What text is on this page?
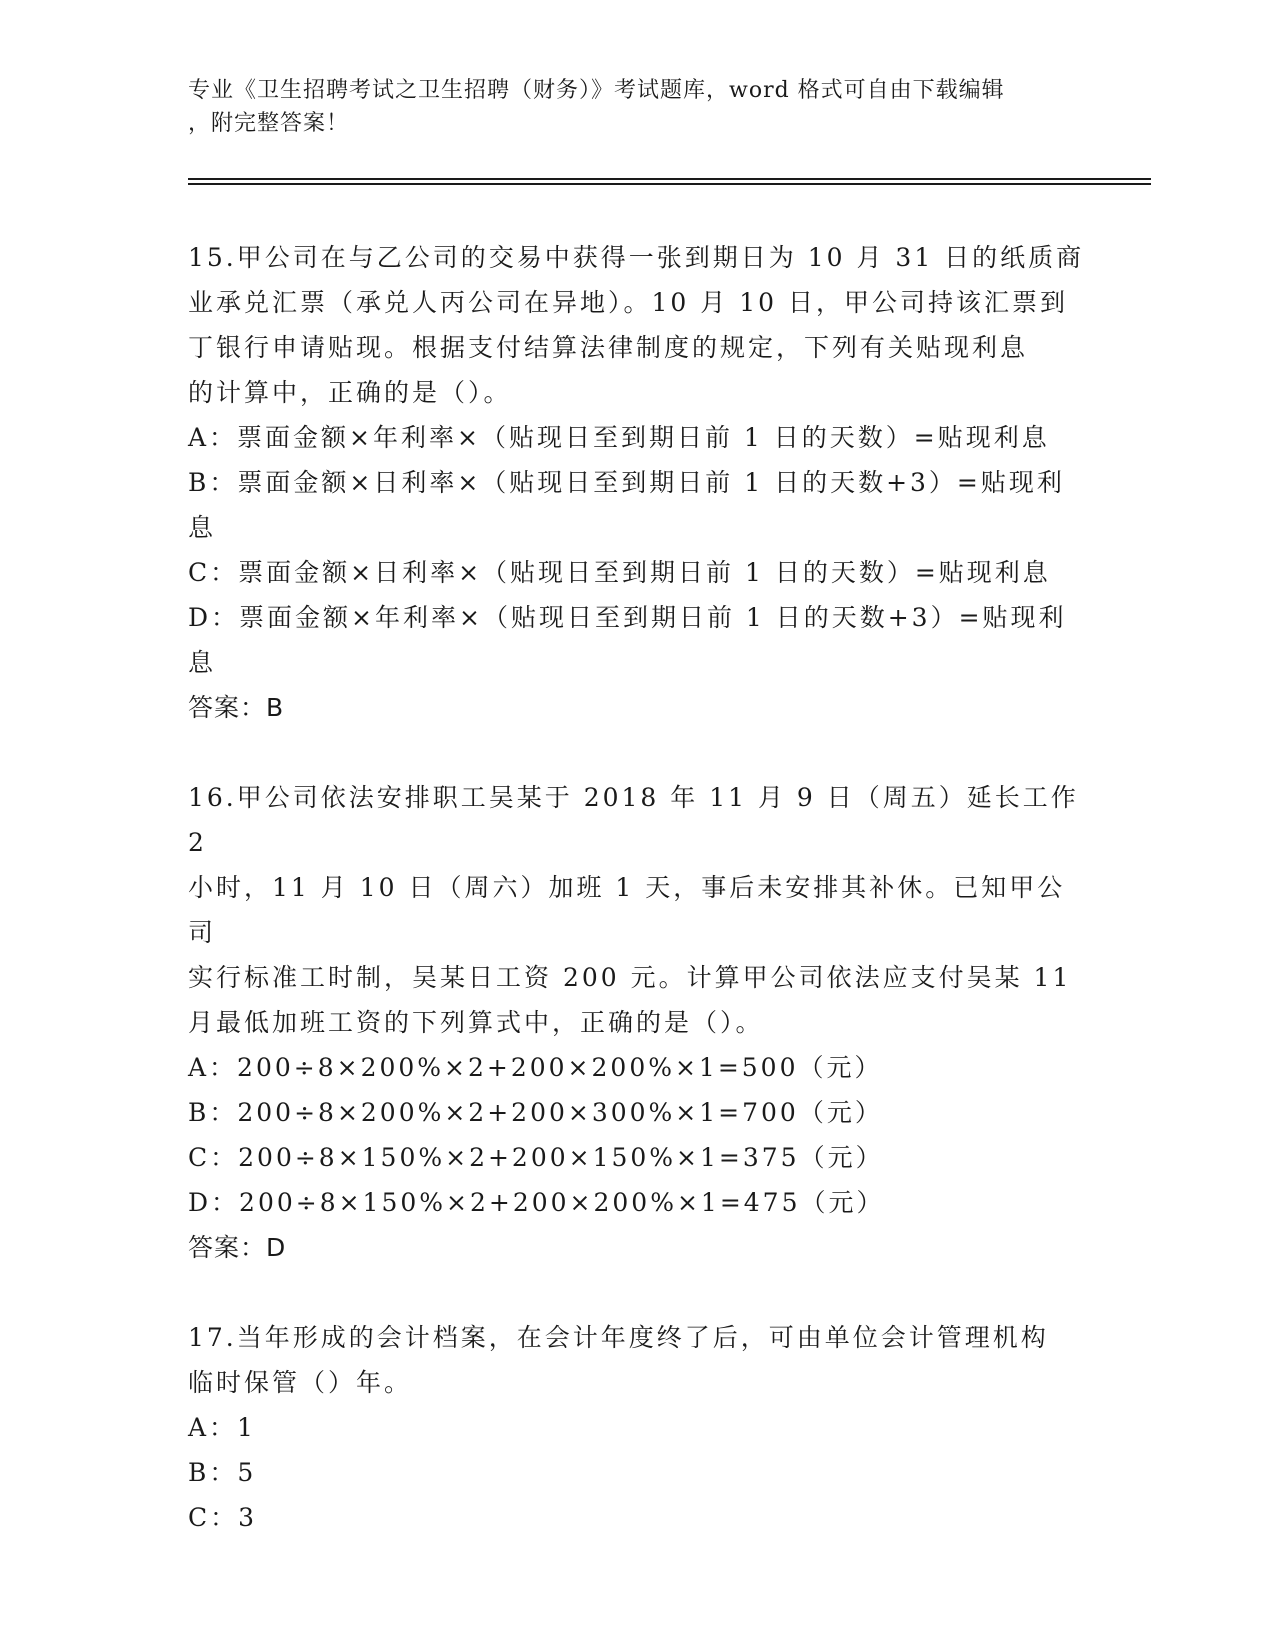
专业《卫生招聘考试之卫生招聘（财务）》考试题库，word 格式可自由下载编辑
，附完整答案！
15.甲公司在与乙公司的交易中获得一张到期日为 10 月 31 日的纸质商
业承兑汇票（承兑人丙公司在异地）。10 月 10 日，甲公司持该汇票到
丁银行申请贴现。根据支付结算法律制度的规定，下列有关贴现利息
的计算中，正确的是（）。
A：票面金额×年利率×（贴现日至到期日前 1 日的天数）=贴现利息
B：票面金额×日利率×（贴现日至到期日前 1 日的天数+3）=贴现利
息
C：票面金额×日利率×（贴现日至到期日前 1 日的天数）=贴现利息
D：票面金额×年利率×（贴现日至到期日前 1 日的天数+3）=贴现利
息
答案：B
16.甲公司依法安排职工吴某于 2018 年 11 月 9 日（周五）延长工作 2
小时，11 月 10 日（周六）加班 1 天，事后未安排其补休。已知甲公司
实行标准工时制，吴某日工资 200 元。计算甲公司依法应支付吴某 11
月最低加班工资的下列算式中，正确的是（）。
A：200÷8×200%×2+200×200%×1=500（元）
B：200÷8×200%×2+200×300%×1=700（元）
C：200÷8×150%×2+200×150%×1=375（元）
D：200÷8×150%×2+200×200%×1=475（元）
答案：D
17.当年形成的会计档案，在会计年度终了后，可由单位会计管理机构
临时保管（）年。
A：1
B：5
C：3
